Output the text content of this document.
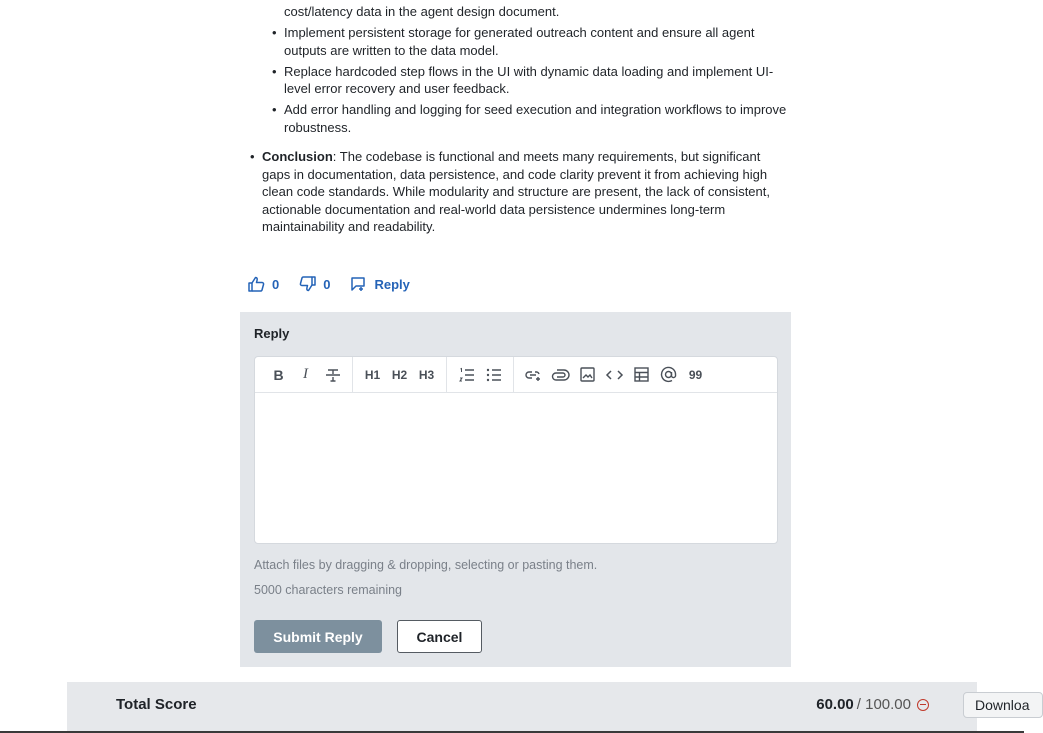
cost/latency data in the agent design document.
• Implement persistent storage for generated outreach content and ensure all agent outputs are written to the data model.
• Replace hardcoded step flows in the UI with dynamic data loading and implement UI-level error recovery and user feedback.
• Add error handling and logging for seed execution and integration workflows to improve robustness.
• Conclusion: The codebase is functional and meets many requirements, but significant gaps in documentation, data persistence, and code clarity prevent it from achieving high clean code standards. While modularity and structure are present, the lack of consistent, actionable documentation and real-world data persistence undermines long-term maintainability and readability.
0	0	Reply
Reply
B	I	H1 H2 H3	99
Attach files by dragging & dropping, selecting or pasting them.
5000 characters remaining
Submit Reply	Cancel
Total Score	60.00 / 100.00	Downloa
